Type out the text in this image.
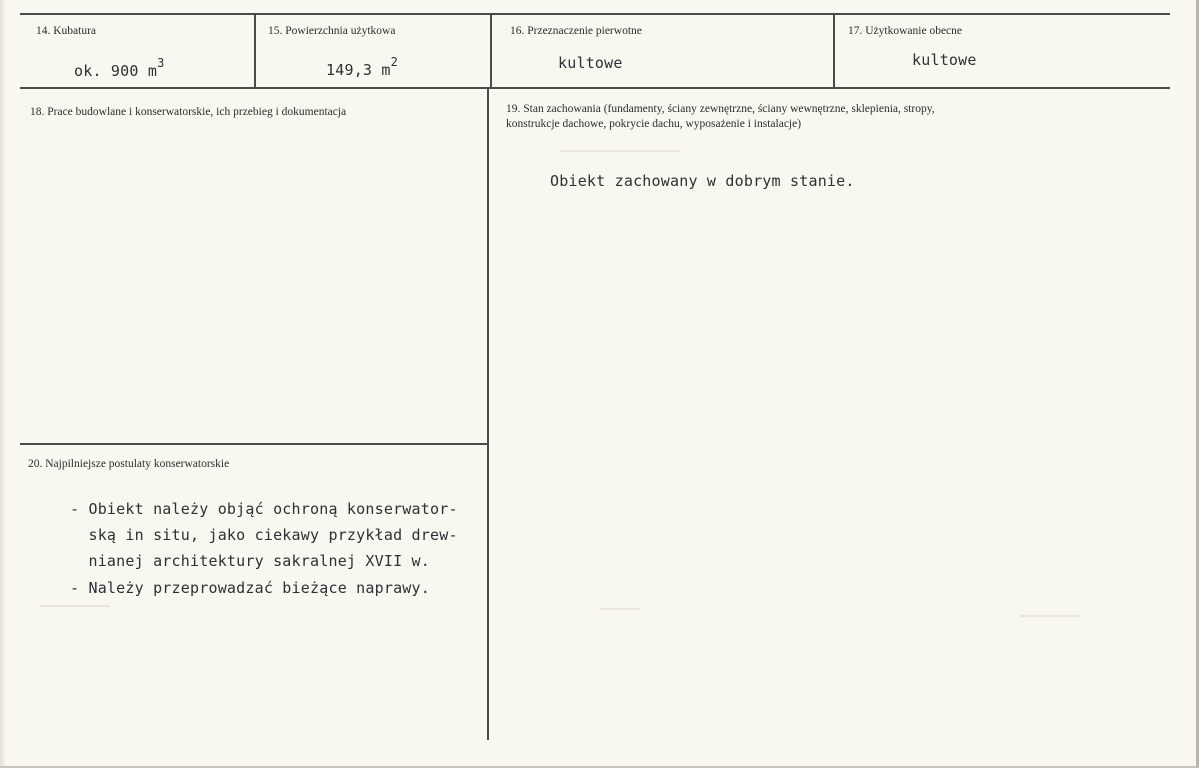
14. Kubatura
ok. 900 $m^3$
15. Powierzchnia użytkowa
149,3 $m^2$
16. Przeznaczenie pierwotne
kultowe
17. Użytkowanie obecne
kultowe
18. Prace budowlane i konserwatorskie, ich przebieg i dokumentacja	19. Stan zachowania (fundamenty, ściany zewnętrzne, ściany wewnętrzne, sklepienia, stropy,
konstrukcje dachowe, pokrycie dachu, wyposażenie i instalacje)
Obiekt zachowany w dobrym stanie.
20. Najpilniejsze postulaty konserwatorskie
- Obiekt należy objąć ochroną konserwator-
ską in situ, jako ciekawy przykład drew-
nianej architektury sakralnej XVII w.
- Należy przeprowadzać bieżące naprawy.
